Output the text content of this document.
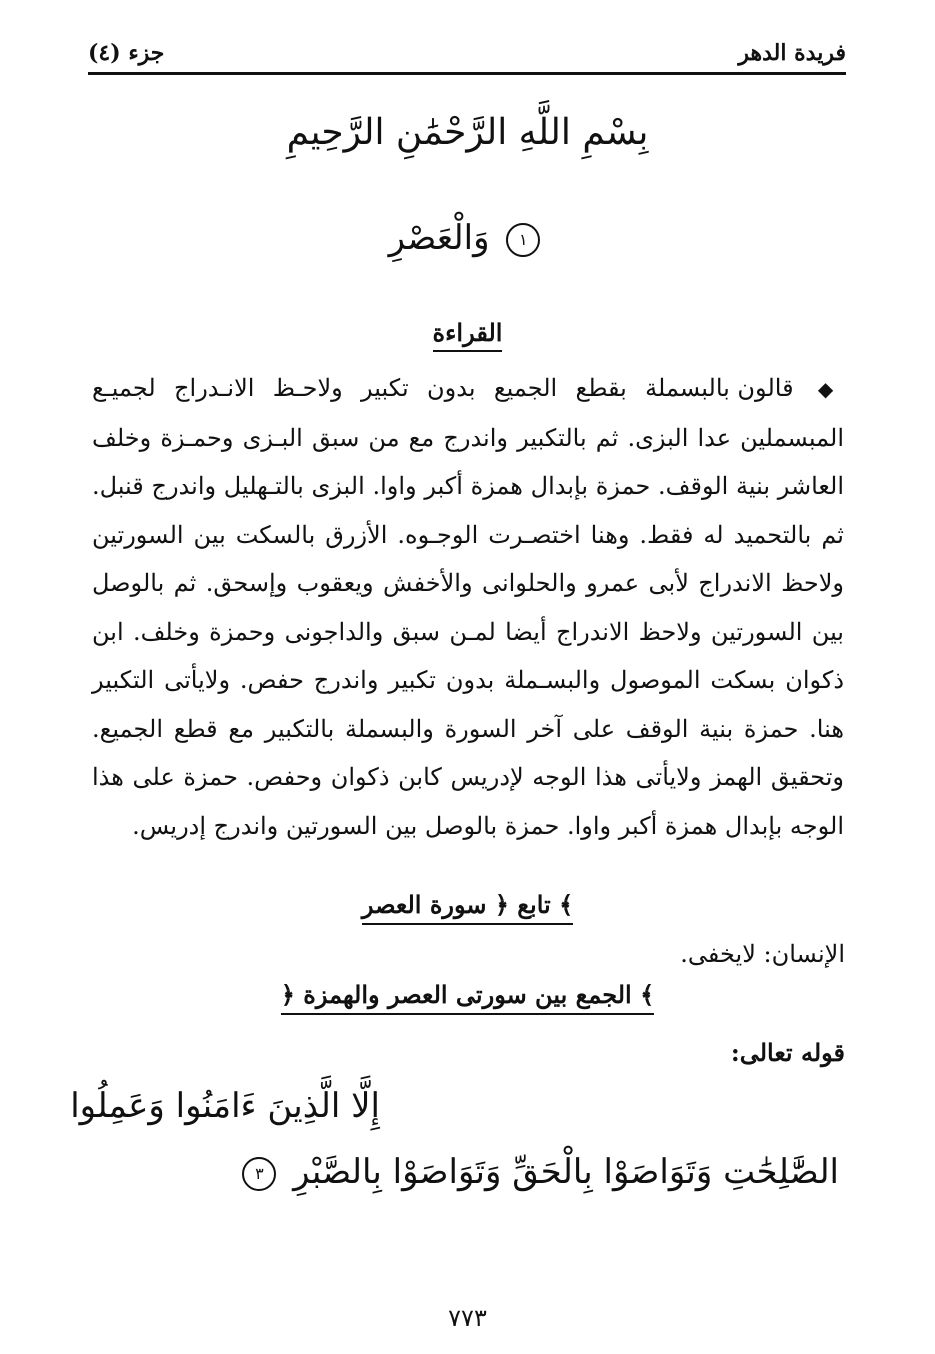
جزء (٤)	فريدة الدهر
بِسْمِ اللَّهِ الرَّحْمَٰنِ الرَّحِيمِ
وَالْعَصْرِ ١
القراءة
◆ قالون بالبسملة بقطع الجميع بدون تكبير ولاحـظ الانـدراج لجميـع المبسملين عدا البزى. ثم بالتكبير واندرج مع من سبق البـزى وحمـزة وخلف العاشر بنية الوقف. حمزة بإبدال همزة أكبر واوا. البزى بالتـهليل واندرج قنبل. ثم بالتحميد له فقط. وهنا اختصـرت الوجـوه. الأزرق بالسكت بين السورتين ولاحظ الاندراج لأبى عمرو والحلوانى والأخفش ويعقوب وإسحق. ثم بالوصل بين السورتين ولاحظ الاندراج أيضا لمـن سبق والداجونى وحمزة وخلف. ابن ذكوان بسكت الموصول والبسـملة بدون تكبير واندرج حفص. ولايأتى التكبير هنا. حمزة بنية الوقف على آخر السورة والبسملة بالتكبير مع قطع الجميع. وتحقيق الهمز ولايأتى هذا الوجه لإدريس كابن ذكوان وحفص. حمزة على هذا الوجه بإبدال همزة أكبر واوا. حمزة بالوصل بين السورتين واندرج إدريس.
تابع ﴿ سورة العصر ﴾
الإنسان: لايخفى.
﴿ الجمع بين سورتى العصر والهمزة ﴾
قوله تعالى:
إِلَّا الَّذِينَ ءَامَنُوا وَعَمِلُوا
الصَّٰلِحَٰتِ وَتَوَاصَوْا بِالْحَقِّ وَتَوَاصَوْا بِالصَّبْرِ ٣
٧٧٣
